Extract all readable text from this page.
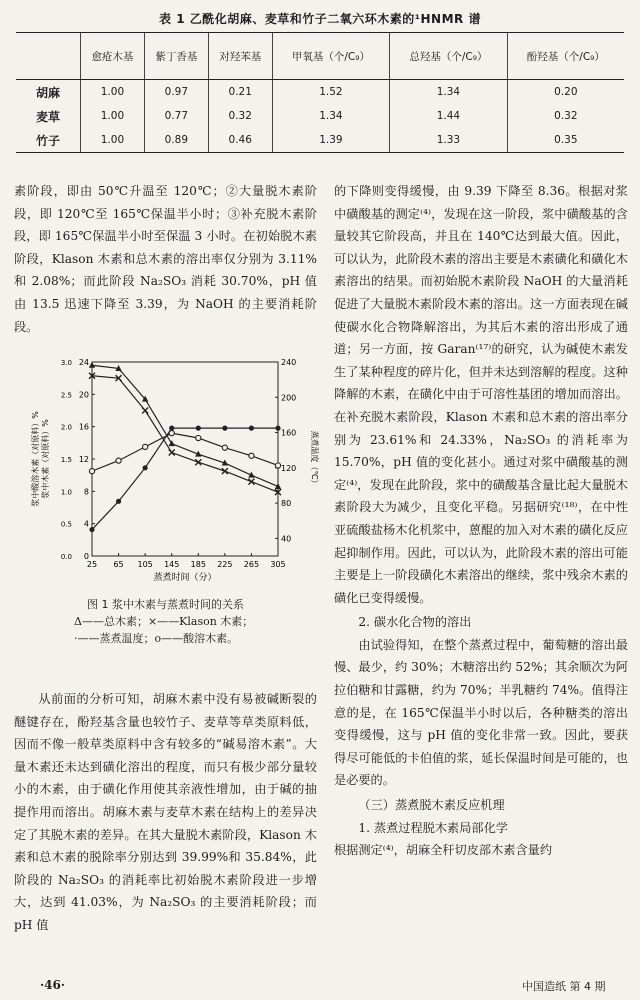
表 1 乙酰化胡麻、麦草和竹子二氧六环木素的¹HNMR 谱
	愈疮木基	紫丁香基	对羟苯基	甲氧基（个/C₉）	总羟基（个/C₉）	酚羟基（个/C₉）
胡麻	1.00	0.97	0.21	1.52	1.34	0.20
麦草	1.00	0.77	0.32	1.34	1.44	0.32
竹子	1.00	0.89	0.46	1.39	1.33	0.35

素阶段，即由 50℃升温至 120℃；②大量脱木素阶段，即 120℃至 165℃保温半小时；③补充脱木素阶段，即 165℃保温半小时至保温 3 小时。在初始脱木素阶段，Klason 木素和总木素的溶出率仅分别为 3.11%和 2.08%；而此阶段 Na₂SO₃ 消耗 30.70%，pH 值由 13.5 迅速下降至 3.39，为 NaOH 的主要消耗阶段。

25 65 105 145 185 225 265 305
0
4
8
12
16
20
24
0.0
0.5
1.0
1.5
2.0
2.5
3.0
40
80
120
160
200
240
蒸煮时间（分）
浆中酸溶木素（对原料）% 浆中木素（对原料）%	蒸煮温度（℃）
图 1 浆中木素与蒸煮时间的关系
Δ——总木素；×——Klason 木素；
·——蒸煮温度；o——酸溶木素。

从前面的分析可知，胡麻木素中没有易被碱断裂的醚键存在，酚羟基含量也较竹子、麦草等草类原料低，因而不像一般草类原料中含有较多的“碱易溶木素”。大量木素还未达到磺化溶出的程度，而只有极少部分量较小的木素，由于磺化作用使其亲液性增加，由于碱的抽提作用而溶出。胡麻木素与麦草木素在结构上的差异决定了其脱木素的差异。在其大量脱木素阶段，Klason 木素和总木素的脱除率分别达到 39.99%和 35.84%，此阶段的 Na₂SO₃ 的消耗率比初始脱木素阶段进一步增大，达到 41.03%，为 Na₂SO₃ 的主要消耗阶段；而 pH 值

的下降则变得缓慢，由 9.39 下降至 8.36。根据对浆中磺酸基的测定⁽⁴⁾，发现在这一阶段，浆中磺酸基的含量较其它阶段高，并且在 140℃达到最大值。因此，可以认为，此阶段木素的溶出主要是木素磺化和磺化木素溶出的结果。而初始脱木素阶段 NaOH 的大量消耗促进了大量脱木素阶段木素的溶出。这一方面表现在碱使碳水化合物降解溶出，为其后木素的溶出形成了通道；另一方面，按 Garan⁽¹⁷⁾的研究，认为碱使木素发生了某种程度的碎片化，但并未达到溶解的程度。这种降解的木素，在磺化中由于可溶性基团的增加而溶出。在补充脱木素阶段，Klason 木素和总木素的溶出率分别为 23.61%和 24.33%，Na₂SO₃ 的消耗率为 15.70%，pH 值的变化甚小。通过对浆中磺酸基的测定⁽⁴⁾，发现在此阶段，浆中的磺酸基含量比起大量脱木素阶段大为减少，且变化平稳。另据研究⁽¹⁸⁾，在中性亚硫酸盐杨木化机浆中，蒽醌的加入对木素的磺化反应起抑制作用。因此，可以认为，此阶段木素的溶出可能主要是上一阶段磺化木素溶出的继续，浆中残余木素的磺化已变得缓慢。

2. 碳水化合物的溶出

由试验得知，在整个蒸煮过程中，葡萄糖的溶出最慢、最少，约 30%；木糖溶出约 52%；其余顺次为阿拉伯糖和甘露糖，约为 70%；半乳糖约 74%。值得注意的是，在 165℃保温半小时以后，各种糖类的溶出变得缓慢，这与 pH 值的变化非常一致。因此，要获得尽可能低的卡伯值的浆，延长保温时间是可能的，也是必要的。

（三）蒸煮脱木素反应机理

1. 蒸煮过程脱木素局部化学

根据测定⁽⁴⁾，胡麻全秆切皮部木素含量约

·46·	中国造纸 第 4 期
